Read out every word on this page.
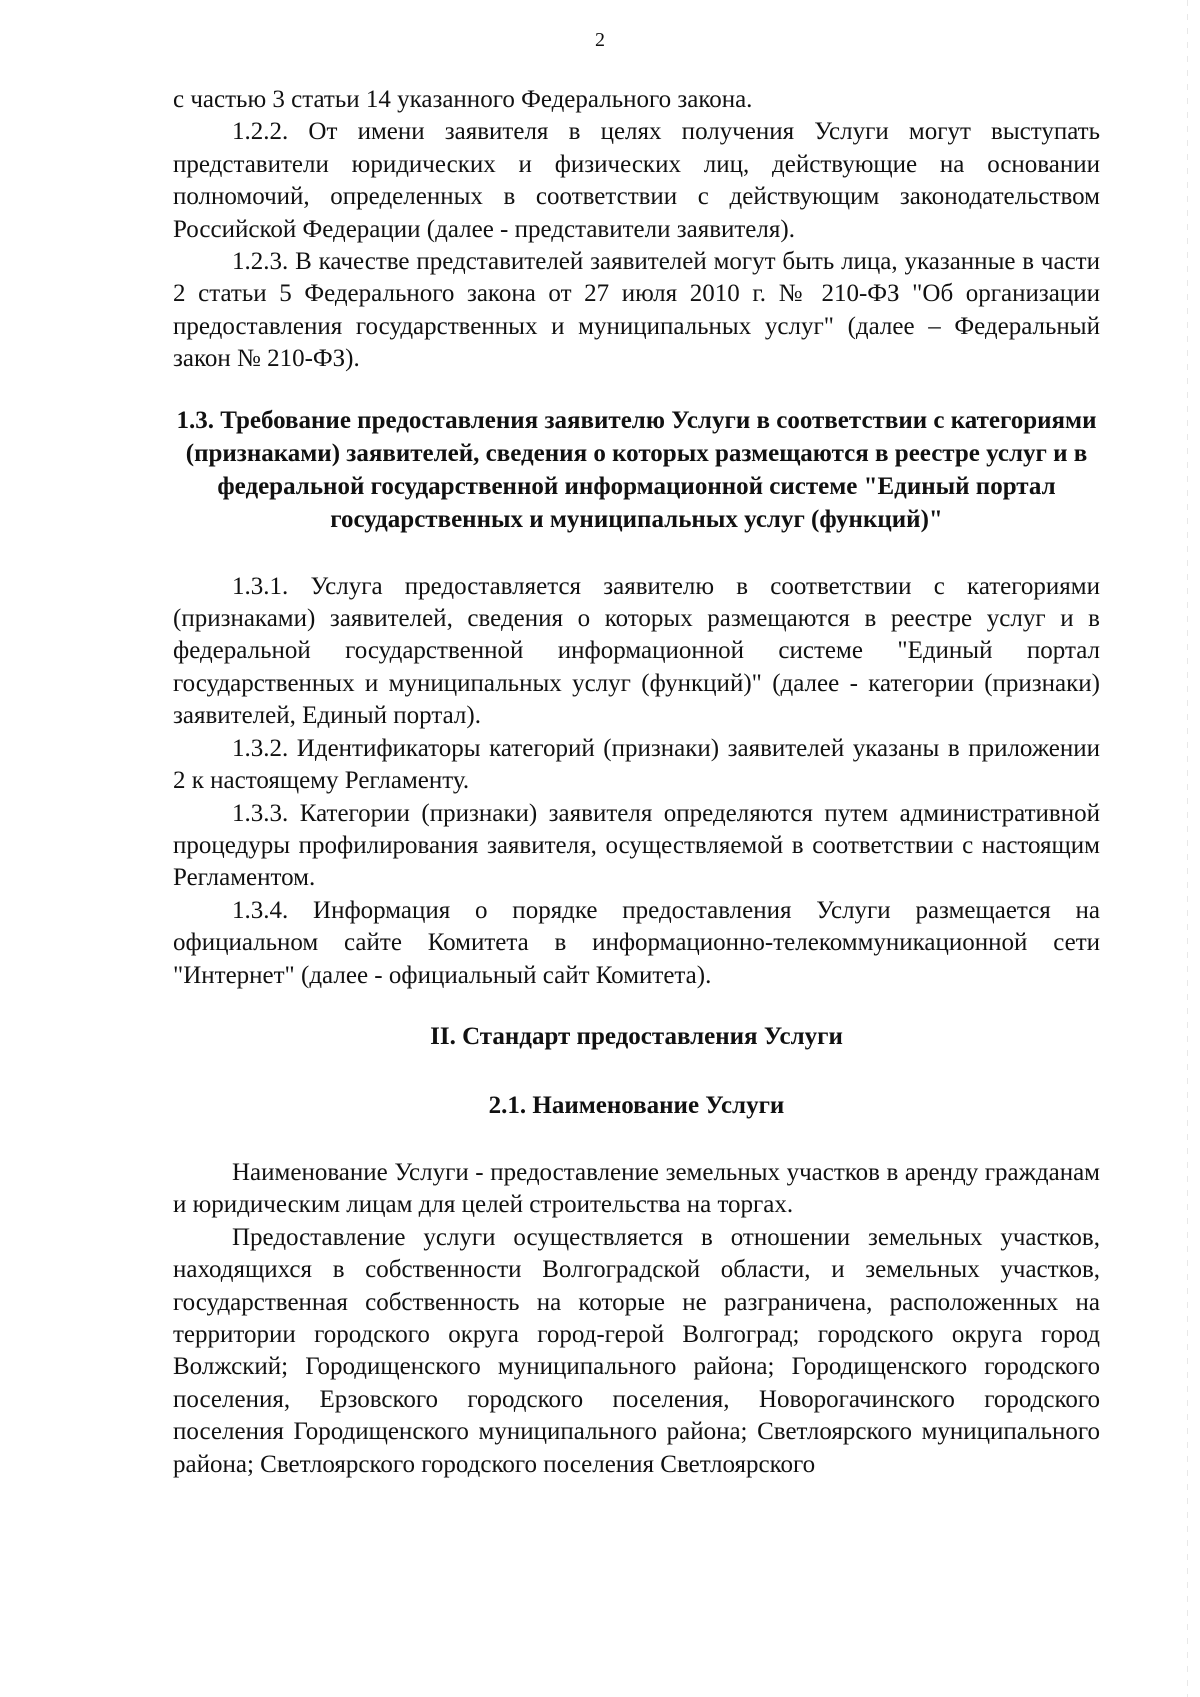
2

с частью 3 статьи 14 указанного Федерального закона.

1.2.2. От имени заявителя в целях получения Услуги могут выступать представители юридических и физических лиц, действующие на основании полномочий, определенных в соответствии с действующим законодательством Российской Федерации (далее - представители заявителя).

1.2.3. В качестве представителей заявителей могут быть лица, указанные в части 2 статьи 5 Федерального закона от 27 июля 2010 г. № 210-ФЗ "Об организации предоставления государственных и муниципальных услуг" (далее – Федеральный закон № 210-ФЗ).

1.3. Требование предоставления заявителю Услуги в соответствии с категориями (признаками) заявителей, сведения о которых размещаются в реестре услуг и в федеральной государственной информационной системе "Единый портал государственных и муниципальных услуг (функций)"

1.3.1. Услуга предоставляется заявителю в соответствии с категориями (признаками) заявителей, сведения о которых размещаются в реестре услуг и в федеральной государственной информационной системе "Единый портал государственных и муниципальных услуг (функций)" (далее - категории (признаки) заявителей, Единый портал).

1.3.2. Идентификаторы категорий (признаки) заявителей указаны в приложении 2 к настоящему Регламенту.

1.3.3. Категории (признаки) заявителя определяются путем административной процедуры профилирования заявителя, осуществляемой в соответствии с настоящим Регламентом.

1.3.4. Информация о порядке предоставления Услуги размещается на официальном сайте Комитета в информационно-телекоммуникационной сети "Интернет" (далее - официальный сайт Комитета).

II. Стандарт предоставления Услуги
2.1. Наименование Услуги

Наименование Услуги - предоставление земельных участков в аренду гражданам и юридическим лицам для целей строительства на торгах.

Предоставление услуги осуществляется в отношении земельных участков, находящихся в собственности Волгоградской области, и земельных участков, государственная собственность на которые не разграничена, расположенных на территории городского округа город-герой Волгоград; городского округа город Волжский; Городищенского муниципального района; Городищенского городского поселения, Ерзовского городского поселения, Новорогачинского городского поселения Городищенского муниципального района; Светлоярского муниципального района; Светлоярского городского поселения Светлоярского
